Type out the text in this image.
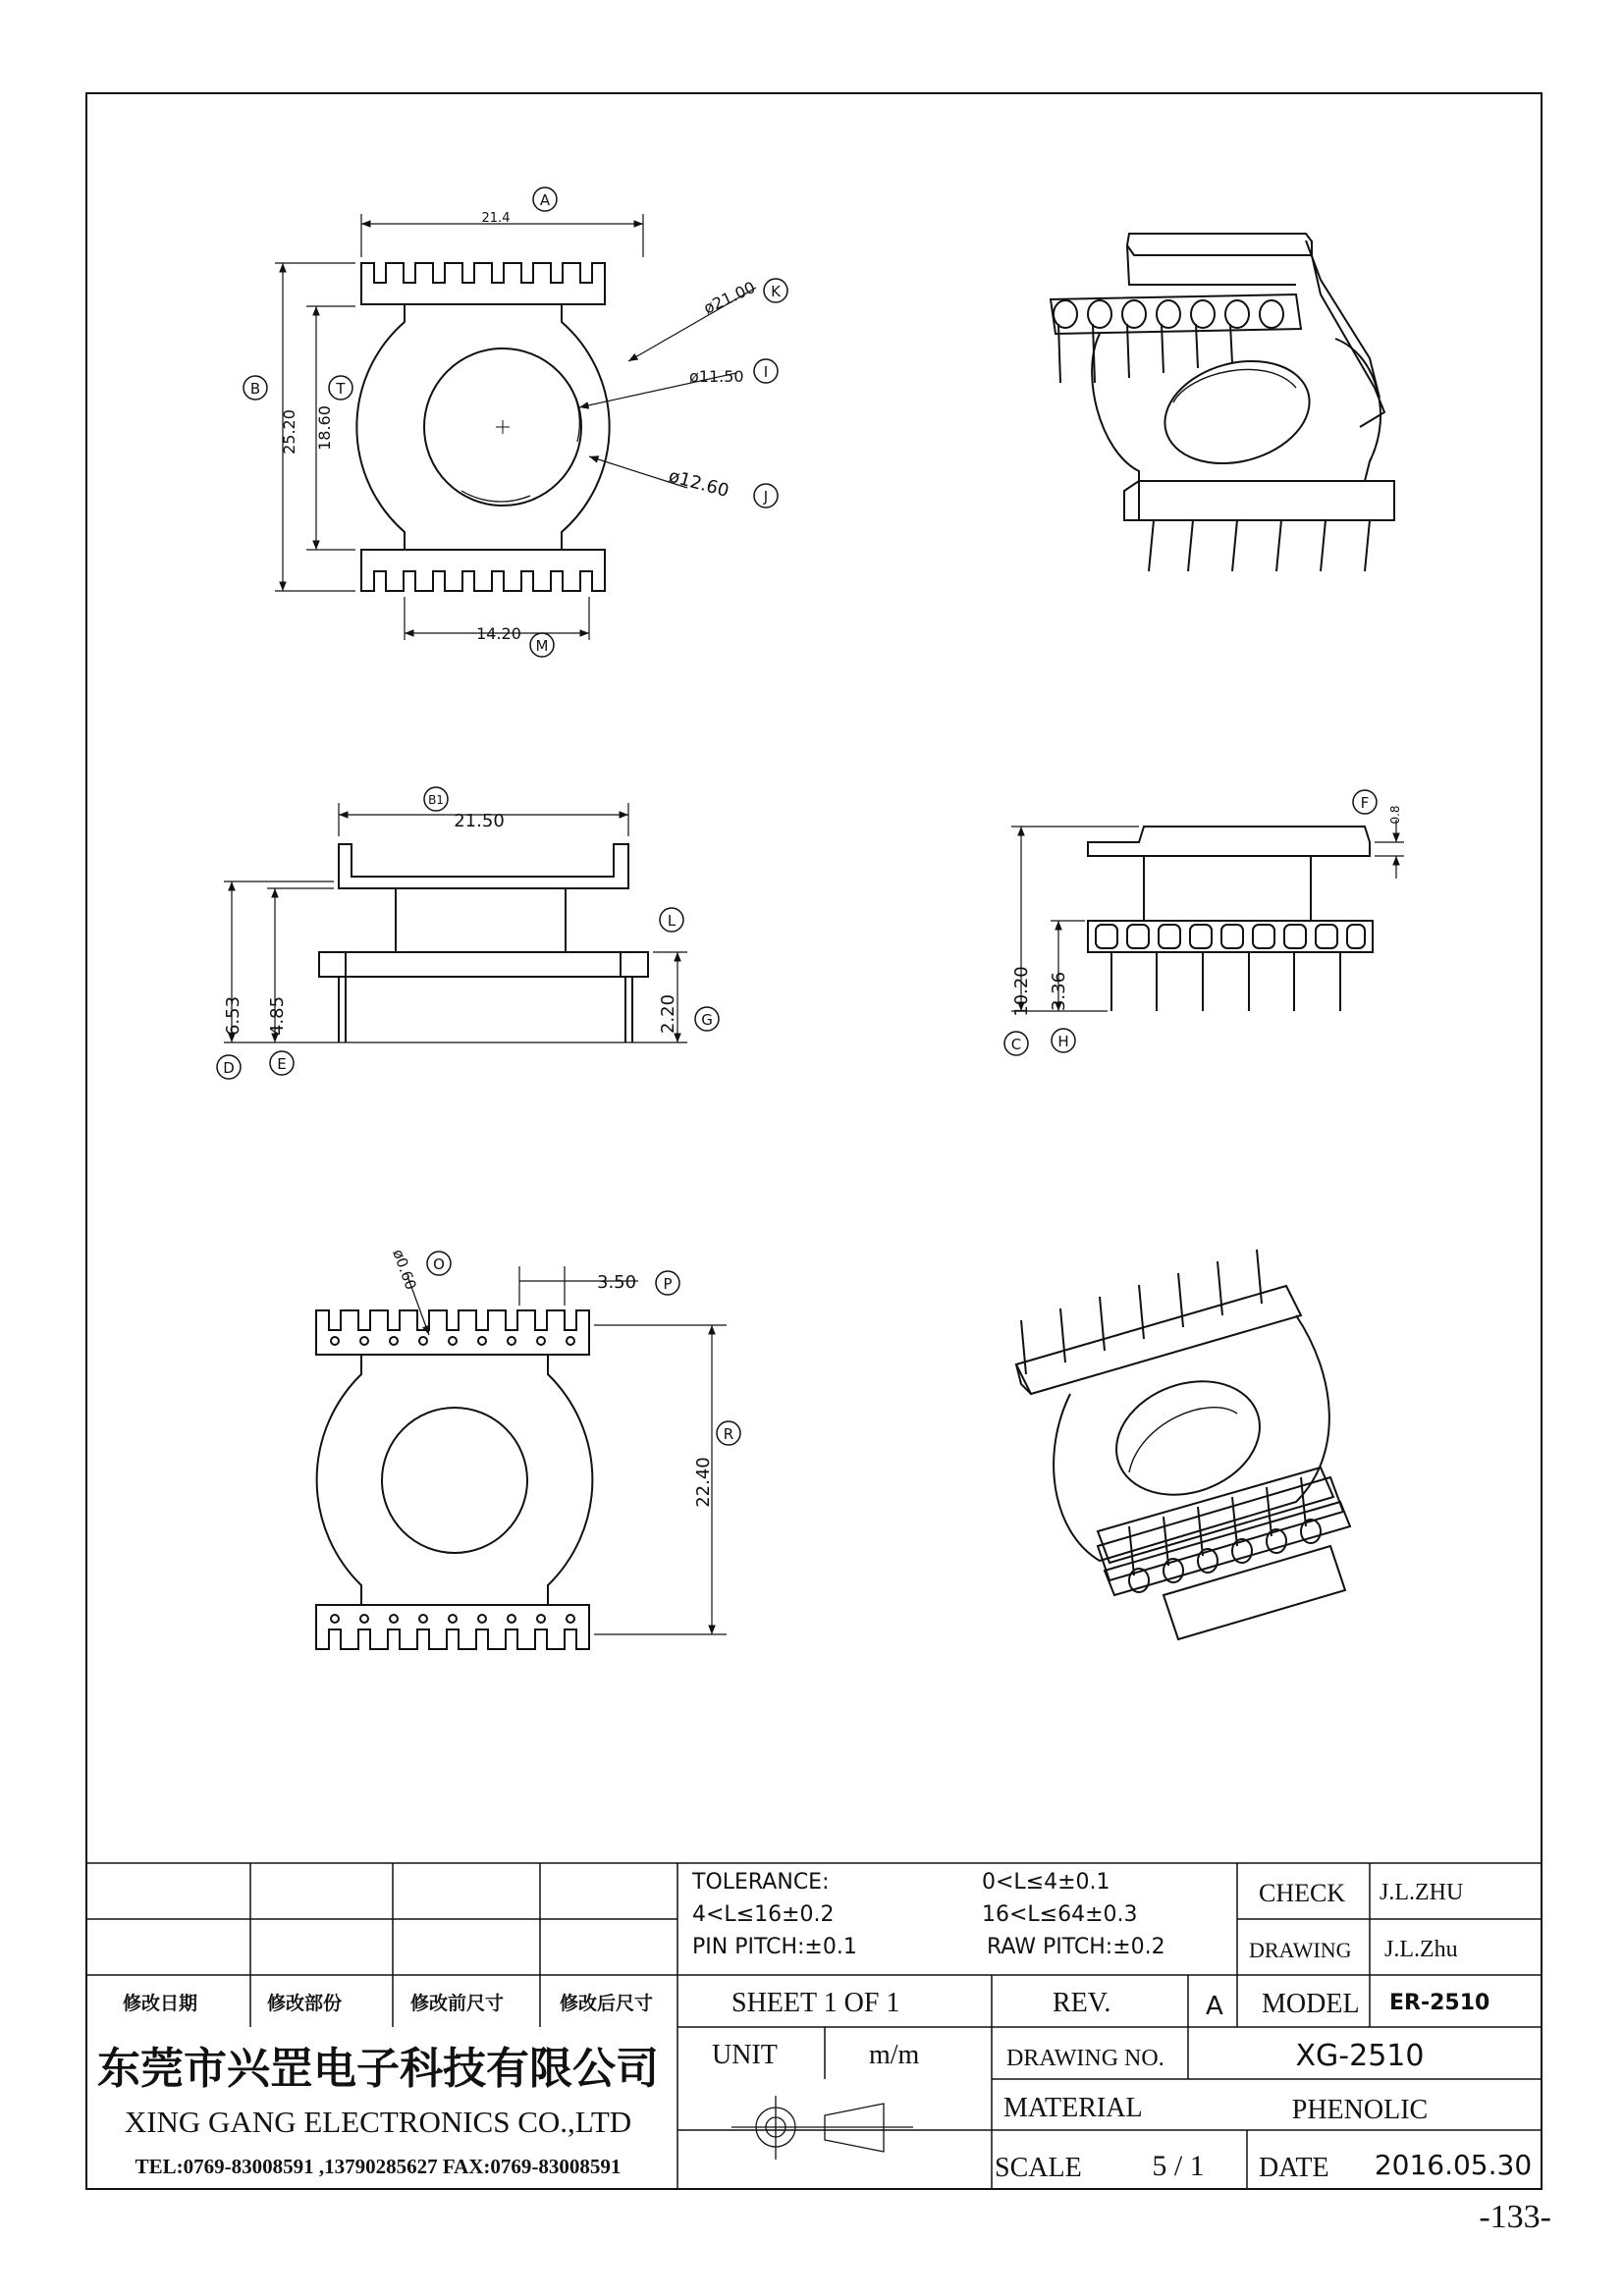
A
B	T
K
I
J
M
B1
L
G
D	E
F
C H
O
P
R
21.4
25.20 18.60
ø21.00
ø11.50
ø12.60
14.20
21.50
6.53 4.85	2.20
0.8
10.20 3.36
ø0.60	3.50
22.40
TOLERANCE:	0<L≤4±0.1
4<L≤16±0.2	16<L≤64±0.3
PIN PITCH:±0.1	RAW PITCH:±0.2
CHECK J.L.ZHU
DRAWING J.L.Zhu
修改日期	修改部份	修改前尺寸	修改后尺寸	SHEET 1 OF 1	REV.	A MODEL ER-2510
东莞市兴罡电子科技有限公司
XING GANG ELECTRONICS CO.,LTD
TEL:0769-83008591 ,13790285627 FAX:0769-83008591
UNIT	m/m	DRAWING NO.	XG-2510
MATERIAL	PHENOLIC
SCALE 5 / 1 DATE 2016.05.30
-133-
